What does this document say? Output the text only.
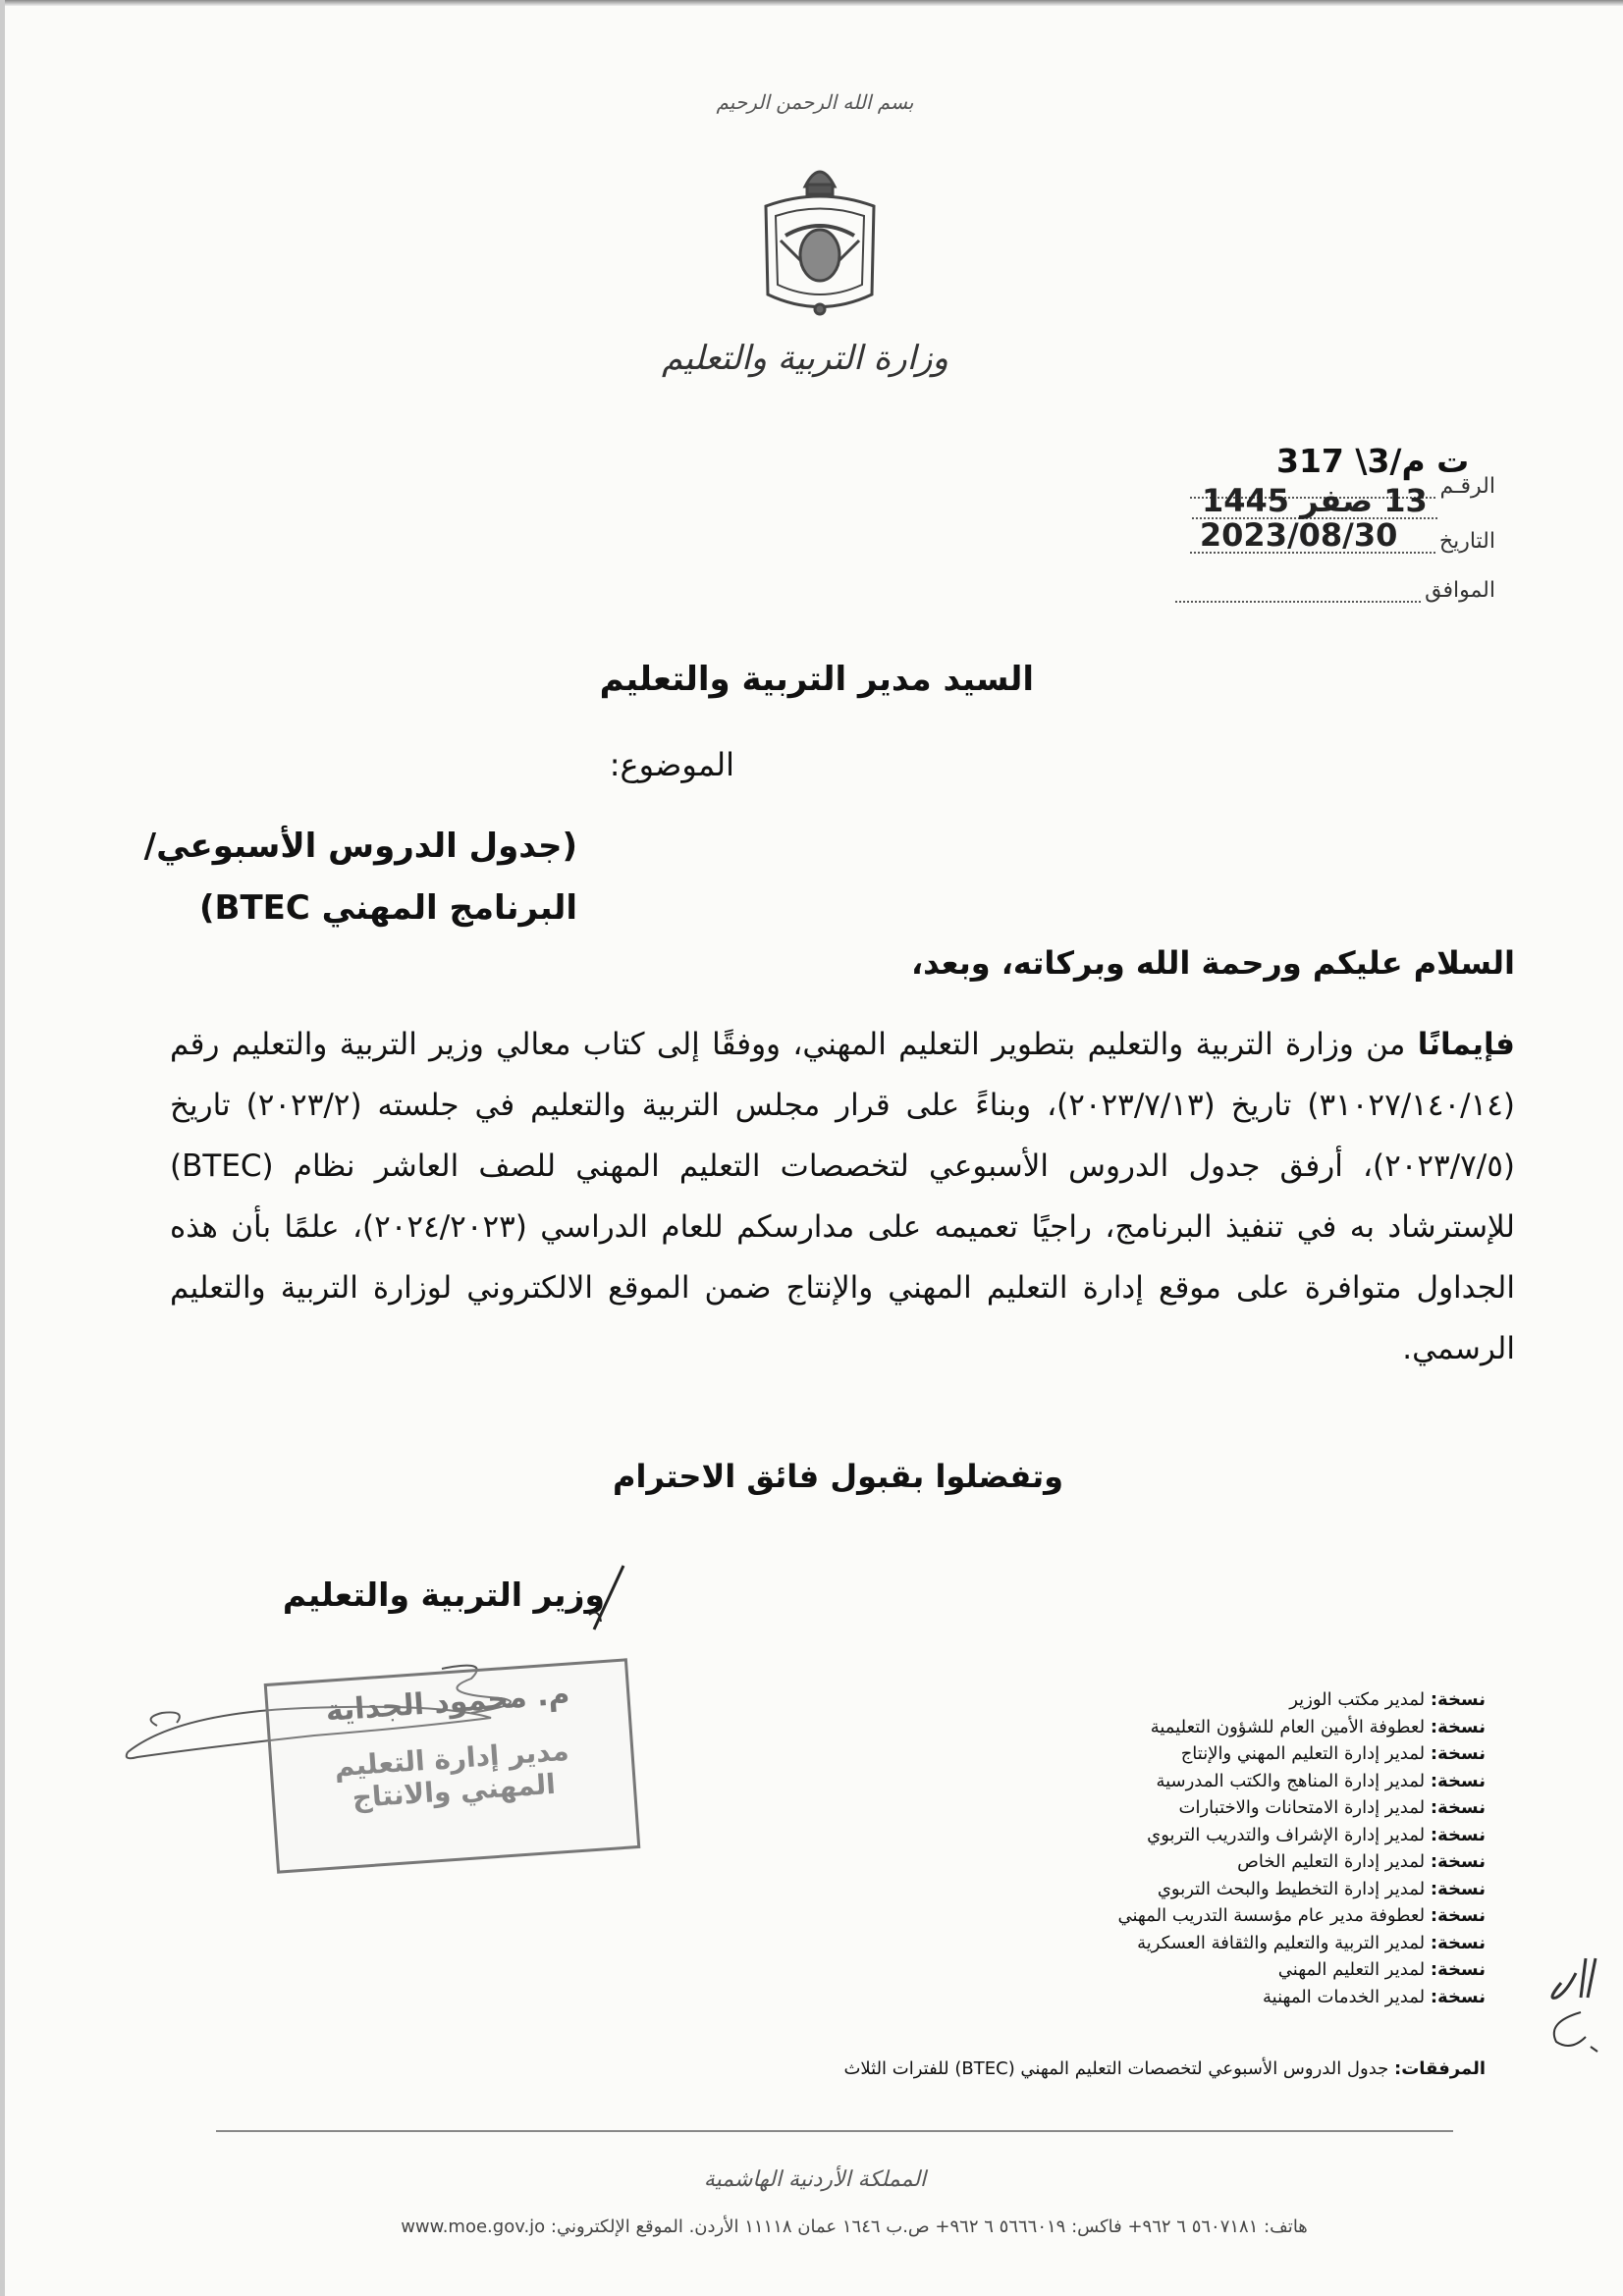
بسم الله الرحمن الرحيم
وزارة التربية والتعليم
ت م/3\ 317
الرقـم
13 صفر 1445
التاريخ
2023/08/30
الموافق
السيد مدير التربية والتعليم
الموضوع:
(جدول الدروس الأسبوعي/
البرنامج المهني BTEC)
السلام عليكم ورحمة الله وبركاته، وبعد،
فإيمانًا من وزارة التربية والتعليم بتطوير التعليم المهني، ووفقًا إلى كتاب معالي وزير التربية والتعليم رقم (٣١٠٢٧/١٤٠/١٤) تاريخ (٢٠٢٣/٧/١٣)، وبناءً على قرار مجلس التربية والتعليم في جلسته (٢٠٢٣/٢) تاريخ (٢٠٢٣/٧/٥)، أرفق جدول الدروس الأسبوعي لتخصصات التعليم المهني للصف العاشر نظام (BTEC) للإسترشاد به في تنفيذ البرنامج، راجيًا تعميمه على مدارسكم للعام الدراسي (٢٠٢٤/٢٠٢٣)، علمًا بأن هذه الجداول متوافرة على موقع إدارة التعليم المهني والإنتاج ضمن الموقع الالكتروني لوزارة التربية والتعليم الرسمي.
وتفضلوا بقبول فائق الاحترام
وزير التربية والتعليم
م. محمود الجداية
مدير إدارة التعليم المهني والانتاج
نسخة: لمدير مكتب الوزير
نسخة: لعطوفة الأمين العام للشؤون التعليمية
نسخة: لمدير إدارة التعليم المهني والإنتاج
نسخة: لمدير إدارة المناهج والكتب المدرسية
نسخة: لمدير إدارة الامتحانات والاختبارات
نسخة: لمدير إدارة الإشراف والتدريب التربوي
نسخة: لمدير إدارة التعليم الخاص
نسخة: لمدير إدارة التخطيط والبحث التربوي
نسخة: لعطوفة مدير عام مؤسسة التدريب المهني
نسخة: لمدير التربية والتعليم والثقافة العسكرية
نسخة: لمدير التعليم المهني
نسخة: لمدير الخدمات المهنية
المرفقات: جدول الدروس الأسبوعي لتخصصات التعليم المهني (BTEC) للفترات الثلاث
المملكة الأردنية الهاشمية
هاتف: ٥٦٠٧١٨١ ٦ ٩٦٢+ فاكس: ٥٦٦٦٠١٩ ٦ ٩٦٢+ ص.ب ١٦٤٦ عمان ١١١١٨ الأردن. الموقع الإلكتروني: www.moe.gov.jo
